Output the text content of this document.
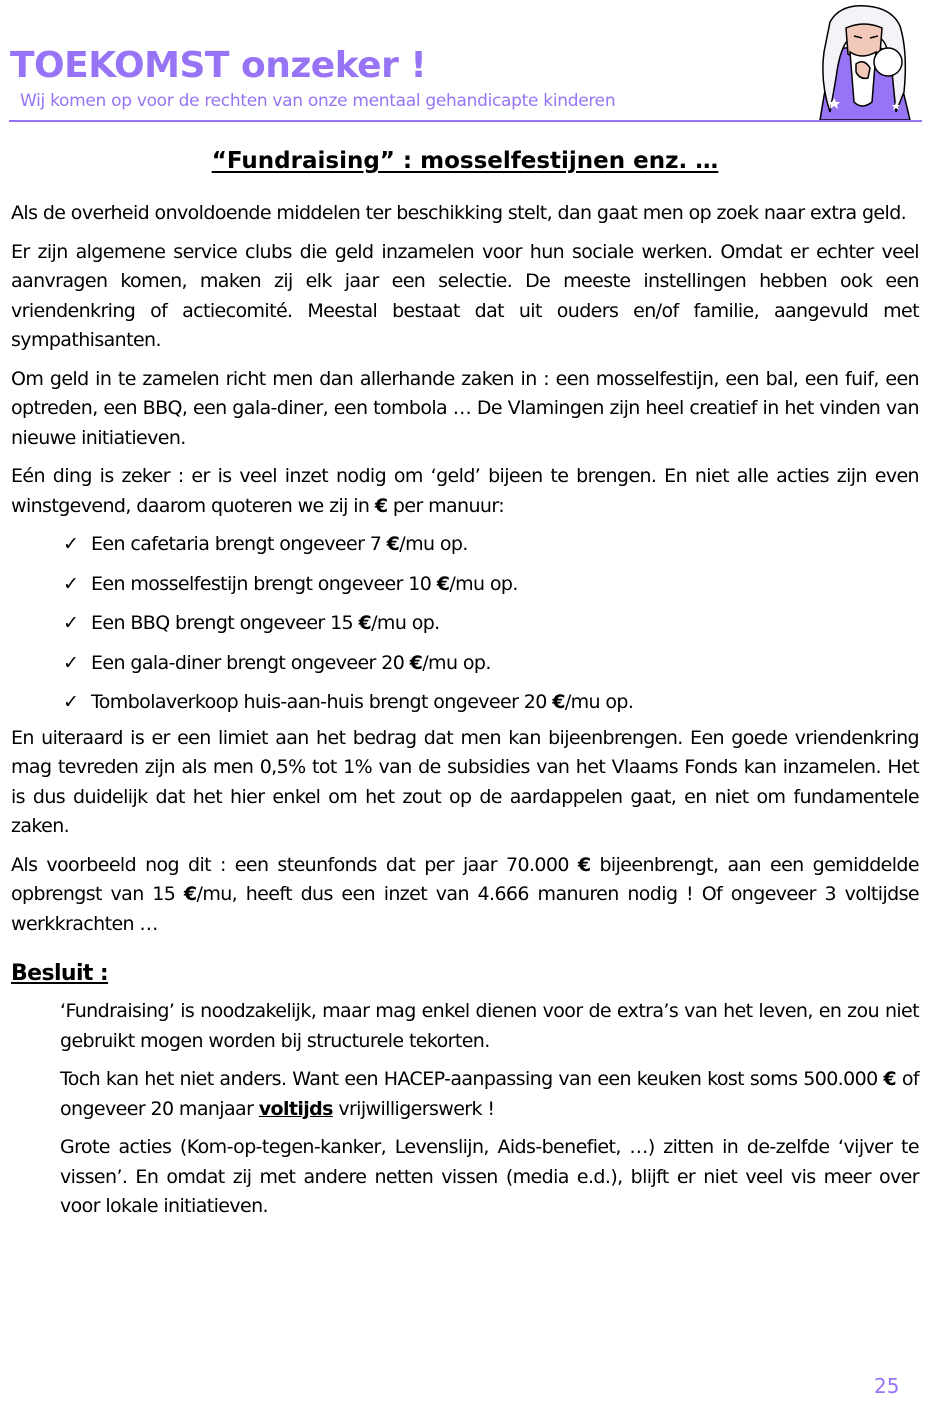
TOEKOMST onzeker !
Wij komen op voor de rechten van onze mentaal gehandicapte kinderen
“Fundraising” : mosselfestijnen enz. …

Als de overheid onvoldoende middelen ter beschikking stelt, dan gaat men op zoek naar extra geld.

Er zijn algemene service clubs die geld inzamelen voor hun sociale werken. Omdat er echter veel aanvragen komen, maken zij elk jaar een selectie. De meeste instellingen hebben ook een vriendenkring of actiecomité. Meestal bestaat dat uit ouders en/of familie, aangevuld met sympathisanten.

Om geld in te zamelen richt men dan allerhande zaken in : een mosselfestijn, een bal, een fuif, een optreden, een BBQ, een gala-diner, een tombola … De Vlamingen zijn heel creatief in het vinden van nieuwe initiatieven.

Eén ding is zeker : er is veel inzet nodig om ‘geld’ bijeen te brengen. En niet alle acties zijn even winstgevend, daarom quoteren we zij in € per manuur:

✓ Een cafetaria brengt ongeveer 7 €/mu op.
✓ Een mosselfestijn brengt ongeveer 10 €/mu op.
✓ Een BBQ brengt ongeveer 15 €/mu op.
✓ Een gala-diner brengt ongeveer 20 €/mu op.
✓ Tombolaverkoop huis-aan-huis brengt ongeveer 20 €/mu op.

En uiteraard is er een limiet aan het bedrag dat men kan bijeenbrengen. Een goede vriendenkring mag tevreden zijn als men 0,5% tot 1% van de subsidies van het Vlaams Fonds kan inzamelen. Het is dus duidelijk dat het hier enkel om het zout op de aardappelen gaat, en niet om fundamentele zaken.

Als voorbeeld nog dit : een steunfonds dat per jaar 70.000 € bijeenbrengt, aan een gemiddelde opbrengst van 15 €/mu, heeft dus een inzet van 4.666 manuren nodig ! Of ongeveer 3 voltijdse werkkrachten …

Besluit :

‘Fundraising’ is noodzakelijk, maar mag enkel dienen voor de extra’s van het leven, en zou niet gebruikt mogen worden bij structurele tekorten.

Toch kan het niet anders. Want een HACEP-aanpassing van een keuken kost soms 500.000 € of ongeveer 20 manjaar voltijds vrijwilligerswerk !

Grote acties (Kom-op-tegen-kanker, Levenslijn, Aids-benefiet, …) zitten in de-zelfde ‘vijver te vissen’. En omdat zij met andere netten vissen (media e.d.), blijft er niet veel vis meer over voor lokale initiatieven.

25
